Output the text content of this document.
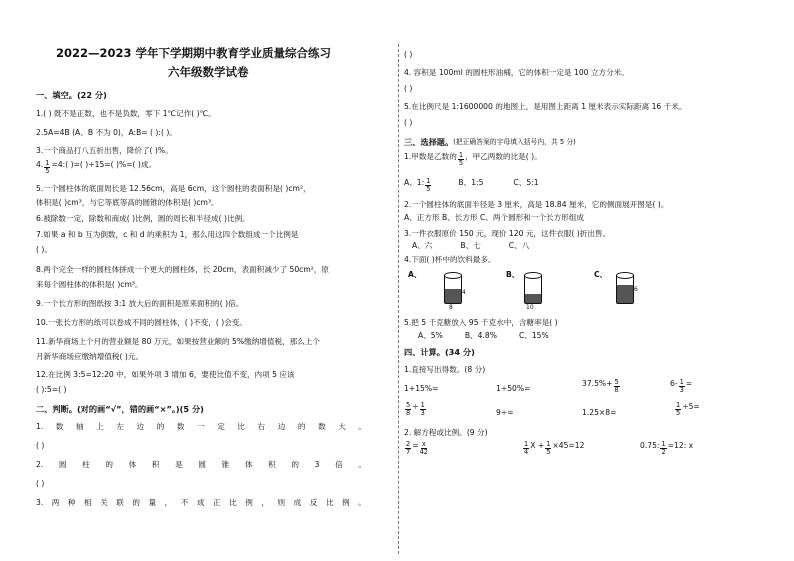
2022—2023 学年下学期期中教育学业质量综合练习
六年级数学试卷
一、填空。(22 分)
1.( ) 既不是正数，也不是负数，零下 1℃记作( )℃。
2.5A=4B (A、B 不为 0)，A:B= ( ):( )。
3.一个商品打八五折出售，降价了( )%。
4. $\frac{1}{5}$ =4:( )=( )÷15=( )%=( )成。
5.一个圆柱体的底面周长是 12.56cm，高是 6cm，这个圆柱的表面积是( )cm²，
体积是( )cm³，与它等底等高的圆锥的体积是( )cm³。
6.被除数一定，除数和商成( )比例，圆的周长和半径成( )比例。
7.如果 a 和 b 互为倒数，c 和 d 的乘积为 1，那么用这四个数组成一个比例是
( )。
8.两个完全一样的圆柱体拼成一个更大的圆柱体，长 20cm，表面积减少了 50cm²，原
来每个圆柱体的体积是( )cm³。
9.一个长方形的图纸按 3:1 放大后的面积是原来面积的( )倍。
10.一张长方形的纸可以卷成不同的圆柱体，( )不变，( )会变。
11.新华商场上个月的营业额是 80 万元，如果按营业额的 5%缴纳增值税，那么上个
月新华商场应缴纳增值税( )元。
12.在比例 3:5=12:20 中，如果外项 3 增加 6，要使比值不变，内项 5 应该
( ):5=( )
二、判断。(对的画“√”，错的画“×”。)(5 分)
1. 数 轴 上 左 边 的 数 一 定 比 右 边 的 数 大 。
( )
2. 圆 柱 的 体 积 是 圆 锥 体 积 的 3 倍 。
( )
3. 两 种 相 关 联 的 量 ， 不 成 正 比 例 ， 则 成 反 比 例 。
( )
4. 容积是 100ml 的圆柱形油桶，它的体积一定是 100 立方分米。
( )
5.在比例尺是 1:1600000 的地图上，是用图上距离 1 厘米表示实际距离 16 千米。
( )
三、选择题。 (把正确答案的字母填入括号内，共 5 分)
1.甲数是乙数的 $\frac{1}{5}$ ，甲乙两数的比是( )。
A、1: $\frac{1}{5}$	B、1:5	C、5:1
2.一个圆柱体的底面半径是 3 厘米，高是 18.84 厘米，它的侧面展开图是( )。
A、正方形 B、长方形 C、两个圆形和一个长方形组成
3.一件衣服原价 150 元，现价 120 元，这件衣服( )折出售。
A、六	B、七	C、八
4.下面( )杯中的饮料最多。
A、	B、	C、
4
8	10
6
5.把 5 千克糖放入 95 千克水中，含糖率是( )
A、5%	B、4.8%	C、15%
四、计算。(34 分)
1.直接写出得数。(8 分)
1+15%=	1÷50%=
$37.5\%+ \frac{5}{8}$	$6- \frac{1}{3}$ =
$\frac{5}{8} \div \frac{1}{3}$	9÷=	1.25×8=	$\frac{1}{5} \div 5=$
2. 解方程或比例。(9 分)
$\frac{2}{7} = \frac{x}{42}$	$\frac{1}{4}$ $X + \frac{1}{5} \times 45=12$	0.75: $\frac{1}{2} =12$: x
